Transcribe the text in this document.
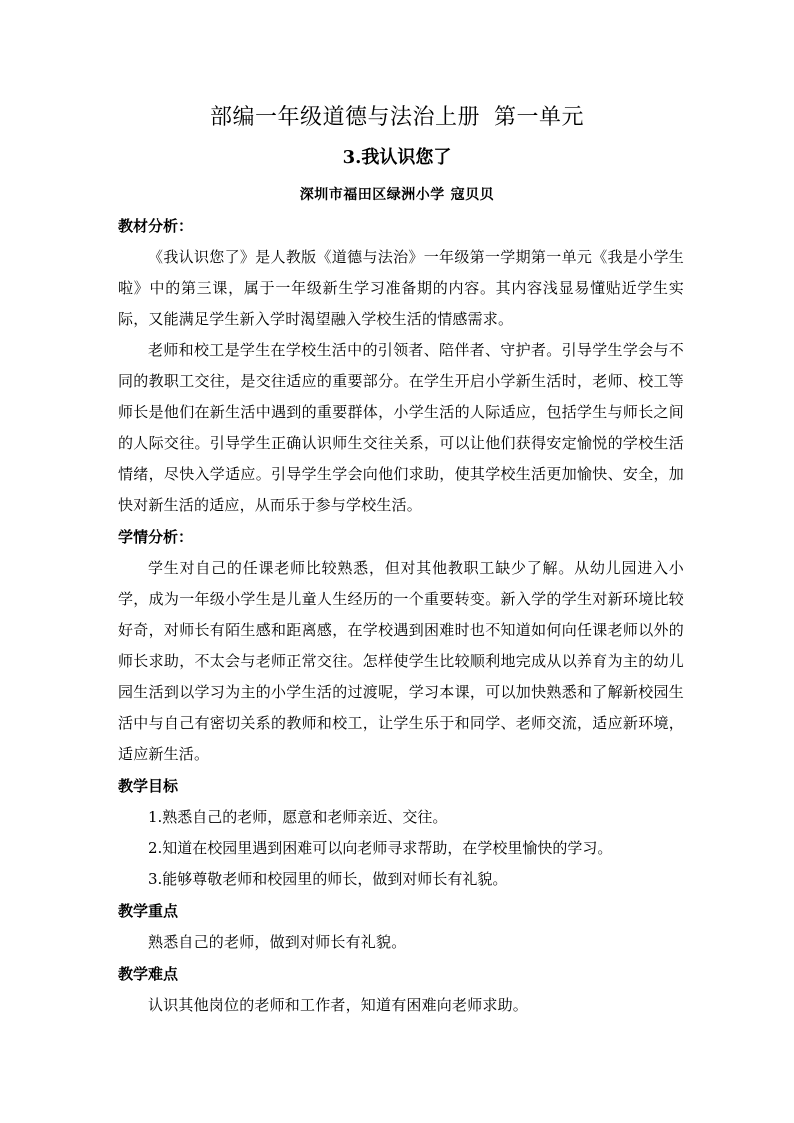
部编一年级道德与法治上册 第一单元
3.我认识您了
深圳市福田区绿洲小学 寇贝贝

教材分析：

《我认识您了》是人教版《道德与法治》一年级第一学期第一单元《我是小学生啦》中的第三课，属于一年级新生学习准备期的内容。其内容浅显易懂贴近学生实际，又能满足学生新入学时渴望融入学校生活的情感需求。

老师和校工是学生在学校生活中的引领者、陪伴者、守护者。引导学生学会与不同的教职工交往，是交往适应的重要部分。在学生开启小学新生活时，老师、校工等师长是他们在新生活中遇到的重要群体，小学生活的人际适应，包括学生与师长之间的人际交往。引导学生正确认识师生交往关系，可以让他们获得安定愉悦的学校生活情绪，尽快入学适应。引导学生学会向他们求助，使其学校生活更加愉快、安全，加快对新生活的适应，从而乐于参与学校生活。

学情分析：

学生对自己的任课老师比较熟悉，但对其他教职工缺少了解。从幼儿园进入小学，成为一年级小学生是儿童人生经历的一个重要转变。新入学的学生对新环境比较好奇，对师长有陌生感和距离感，在学校遇到困难时也不知道如何向任课老师以外的师长求助，不太会与老师正常交往。怎样使学生比较顺利地完成从以养育为主的幼儿园生活到以学习为主的小学生活的过渡呢，学习本课，可以加快熟悉和了解新校园生活中与自己有密切关系的教师和校工，让学生乐于和同学、老师交流，适应新环境，适应新生活。

教学目标

1.熟悉自己的老师，愿意和老师亲近、交往。

2.知道在校园里遇到困难可以向老师寻求帮助，在学校里愉快的学习。

3.能够尊敬老师和校园里的师长，做到对师长有礼貌。

教学重点

熟悉自己的老师，做到对师长有礼貌。

教学难点

认识其他岗位的老师和工作者，知道有困难向老师求助。
